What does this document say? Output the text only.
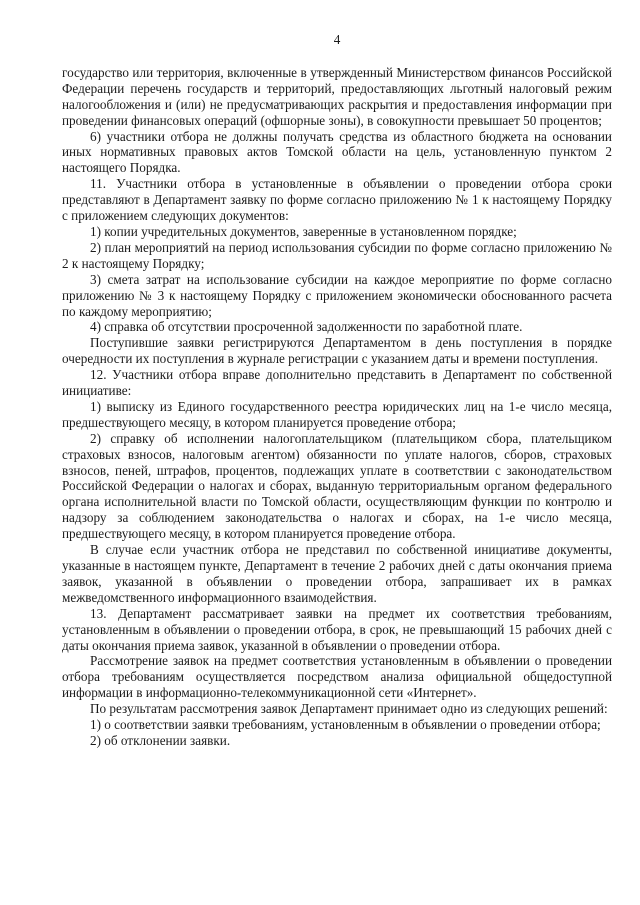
4

государство или территория, включенные в утвержденный Министерством финансов Российской Федерации перечень государств и территорий, предоставляющих льготный налоговый режим налогообложения и (или) не предусматривающих раскрытия и предоставления информации при проведении финансовых операций (офшорные зоны), в совокупности превышает 50 процентов;

6) участники отбора не должны получать средства из областного бюджета на основании иных нормативных правовых актов Томской области на цель, установленную пунктом 2 настоящего Порядка.

11. Участники отбора в установленные в объявлении о проведении отбора сроки представляют в Департамент заявку по форме согласно приложению № 1 к настоящему Порядку с приложением следующих документов:

1) копии учредительных документов, заверенные в установленном порядке;

2) план мероприятий на период использования субсидии по форме согласно приложению № 2 к настоящему Порядку;

3) смета затрат на использование субсидии на каждое мероприятие по форме согласно приложению № 3 к настоящему Порядку с приложением экономически обоснованного расчета по каждому мероприятию;

4) справка об отсутствии просроченной задолженности по заработной плате.

Поступившие заявки регистрируются Департаментом в день поступления в порядке очередности их поступления в журнале регистрации с указанием даты и времени поступления.

12. Участники отбора вправе дополнительно представить в Департамент по собственной инициативе:

1) выписку из Единого государственного реестра юридических лиц на 1-е число месяца, предшествующего месяцу, в котором планируется проведение отбора;

2) справку об исполнении налогоплательщиком (плательщиком сбора, плательщиком страховых взносов, налоговым агентом) обязанности по уплате налогов, сборов, страховых взносов, пеней, штрафов, процентов, подлежащих уплате в соответствии с законодательством Российской Федерации о налогах и сборах, выданную территориальным органом федерального органа исполнительной власти по Томской области, осуществляющим функции по контролю и надзору за соблюдением законодательства о налогах и сборах, на 1-е число месяца, предшествующего месяцу, в котором планируется проведение отбора.

В случае если участник отбора не представил по собственной инициативе документы, указанные в настоящем пункте, Департамент в течение 2 рабочих дней с даты окончания приема заявок, указанной в объявлении о проведении отбора, запрашивает их в рамках межведомственного информационного взаимодействия.

13. Департамент рассматривает заявки на предмет их соответствия требованиям, установленным в объявлении о проведении отбора, в срок, не превышающий 15 рабочих дней с даты окончания приема заявок, указанной в объявлении о проведении отбора.

Рассмотрение заявок на предмет соответствия установленным в объявлении о проведении отбора требованиям осуществляется посредством анализа официальной общедоступной информации в информационно-телекоммуникационной сети «Интернет».

По результатам рассмотрения заявок Департамент принимает одно из следующих решений:

1) о соответствии заявки требованиям, установленным в объявлении о проведении отбора;

2) об отклонении заявки.
